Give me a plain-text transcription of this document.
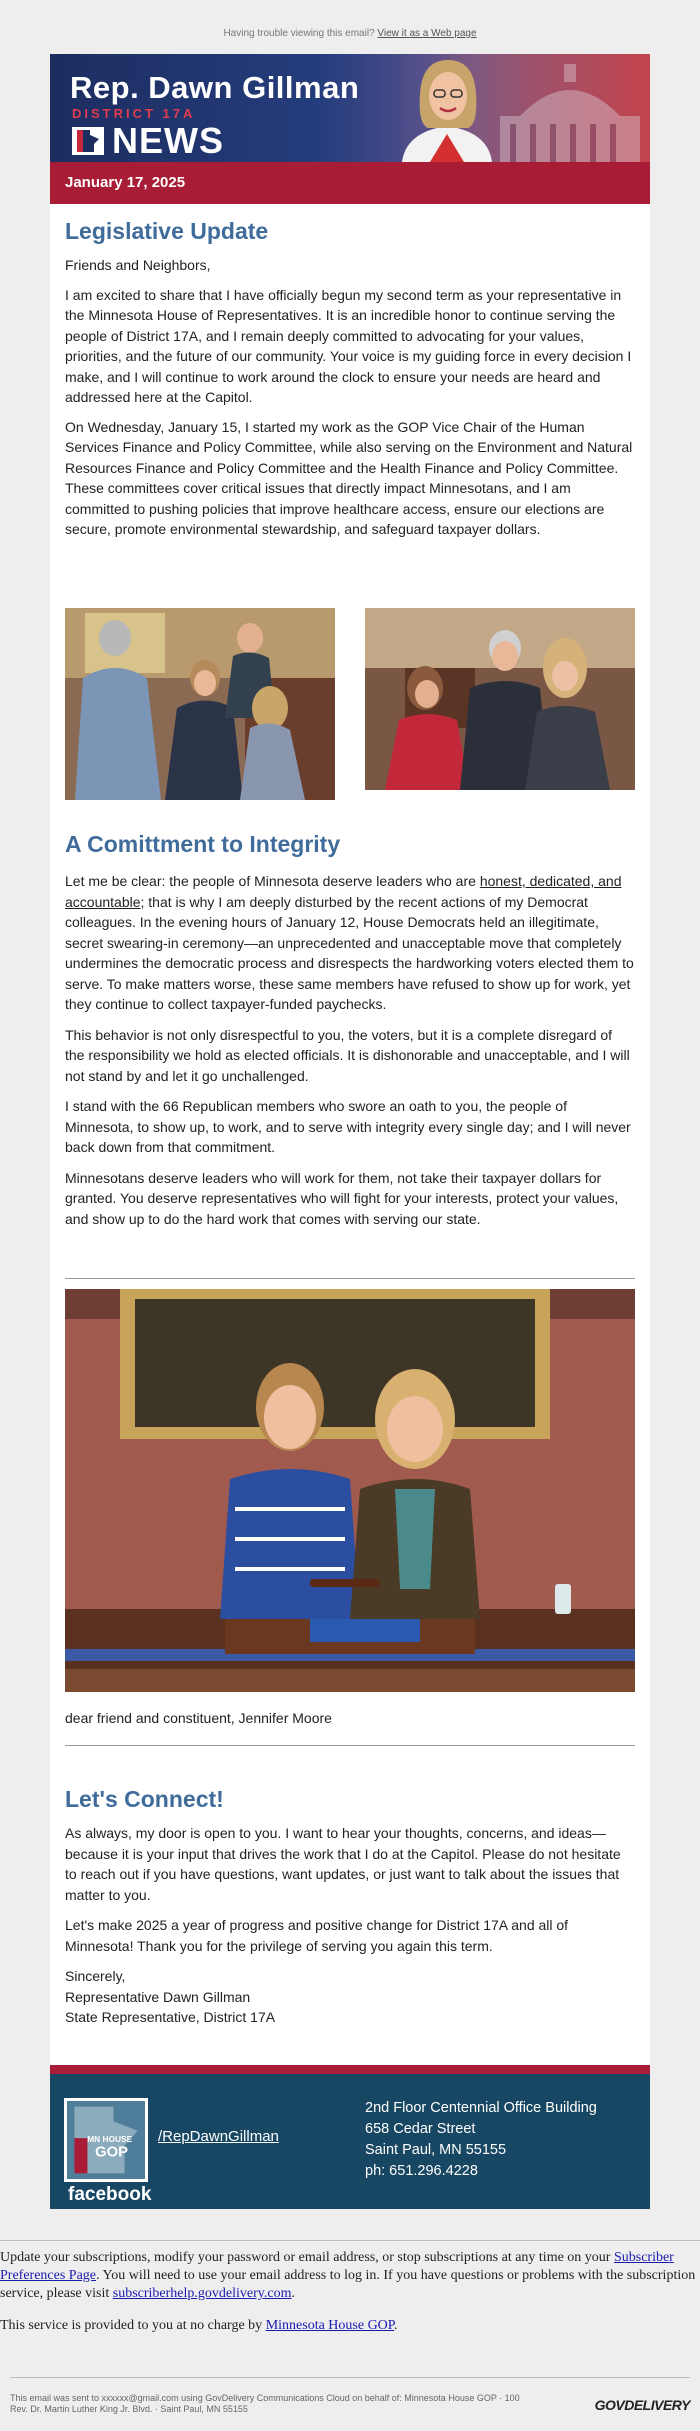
Having trouble viewing this email? View it as a Web page
Rep. Dawn Gillman
DISTRICT 17A
NEWS
January 17, 2025
Legislative Update

Friends and Neighbors,

I am excited to share that I have officially begun my second term as your representative in the Minnesota House of Representatives. It is an incredible honor to continue serving the people of District 17A, and I remain deeply committed to advocating for your values, priorities, and the future of our community. Your voice is my guiding force in every decision I make, and I will continue to work around the clock to ensure your needs are heard and addressed here at the Capitol.

On Wednesday, January 15, I started my work as the GOP Vice Chair of the Human Services Finance and Policy Committee, while also serving on the Environment and Natural Resources Finance and Policy Committee and the Health Finance and Policy Committee. These committees cover critical issues that directly impact Minnesotans, and I am committed to pushing policies that improve healthcare access, ensure our elections are secure, promote environmental stewardship, and safeguard taxpayer dollars.

A Comittment to Integrity

Let me be clear: the people of Minnesota deserve leaders who are honest, dedicated, and accountable; that is why I am deeply disturbed by the recent actions of my Democrat colleagues. In the evening hours of January 12, House Democrats held an illegitimate, secret swearing-in ceremony—an unprecedented and unacceptable move that completely undermines the democratic process and disrespects the hardworking voters elected them to serve. To make matters worse, these same members have refused to show up for work, yet they continue to collect taxpayer-funded paychecks.

This behavior is not only disrespectful to you, the voters, but it is a complete disregard of the responsibility we hold as elected officials. It is dishonorable and unacceptable, and I will not stand by and let it go unchallenged.

I stand with the 66 Republican members who swore an oath to you, the people of Minnesota, to show up, to work, and to serve with integrity every single day; and I will never back down from that commitment.

Minnesotans deserve leaders who will work for them, not take their taxpayer dollars for granted. You deserve representatives who will fight for your interests, protect your values, and show up to do the hard work that comes with serving our state.

dear friend and constituent, Jennifer Moore

Let's Connect!

As always, my door is open to you. I want to hear your thoughts, concerns, and ideas—because it is your input that drives the work that I do at the Capitol. Please do not hesitate to reach out if you have questions, want updates, or just want to talk about the issues that matter to you.

Let's make 2025 a year of progress and positive change for District 17A and all of Minnesota! Thank you for the privilege of serving you again this term.

Sincerely,

Representative Dawn Gillman

State Representative, District 17A

MN HOUSE
GOP
facebook
/RepDawnGillman
2nd Floor Centennial Office Building
658 Cedar Street
Saint Paul, MN 55155
ph: 651.296.4228

Update your subscriptions, modify your password or email address, or stop subscriptions at any time on your Subscriber Preferences Page. You will need to use your email address to log in. If you have questions or problems with the subscription service, please visit subscriberhelp.govdelivery.com.

This service is provided to you at no charge by Minnesota House GOP.

This email was sent to xxxxxx@gmail.com using GovDelivery Communications Cloud on behalf of: Minnesota House GOP · 100
Rev. Dr. Martin Luther King Jr. Blvd. · Saint Paul, MN 55155	GOVDELIVERY
